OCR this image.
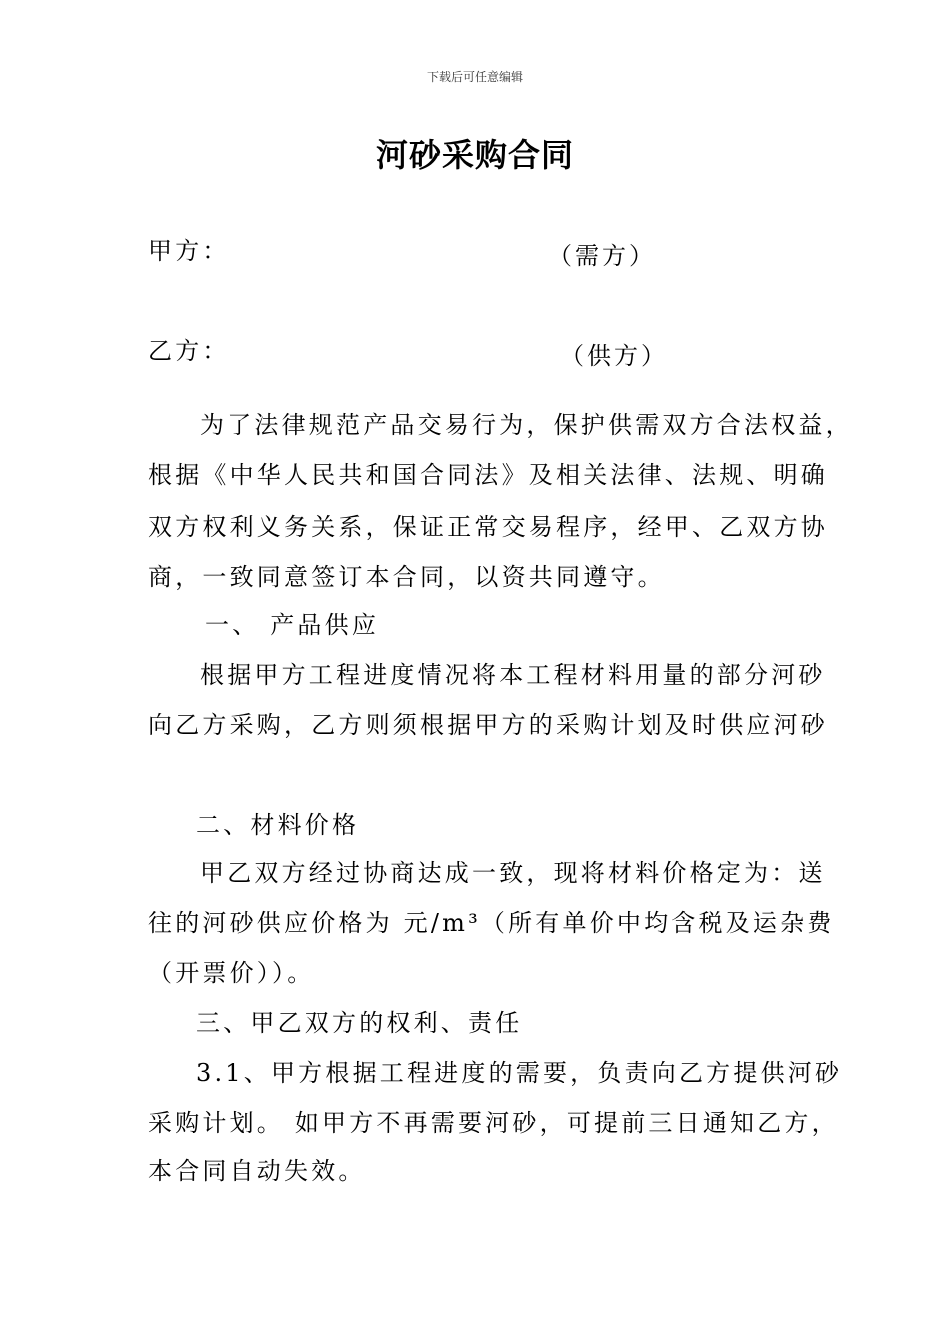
下载后可任意编辑
河砂采购合同
甲方：	（需方）
乙方：	（供方）
为了法律规范产品交易行为，保护供需双方合法权益，
根据《中华人民共和国合同法》及相关法律、法规、明确
双方权利义务关系，保证正常交易程序，经甲、乙双方协
商，一致同意签订本合同，以资共同遵守。
一、 产品供应
根据甲方工程进度情况将本工程材料用量的部分河砂
向乙方采购，乙方则须根据甲方的采购计划及时供应河砂
二、材料价格
甲乙双方经过协商达成一致，现将材料价格定为：送
往的河砂供应价格为 元/m³（所有单价中均含税及运杂费
（开票价））。
三、甲乙双方的权利、责任
3.1、甲方根据工程进度的需要，负责向乙方提供河砂
采购计划。 如甲方不再需要河砂，可提前三日通知乙方，
本合同自动失效。
